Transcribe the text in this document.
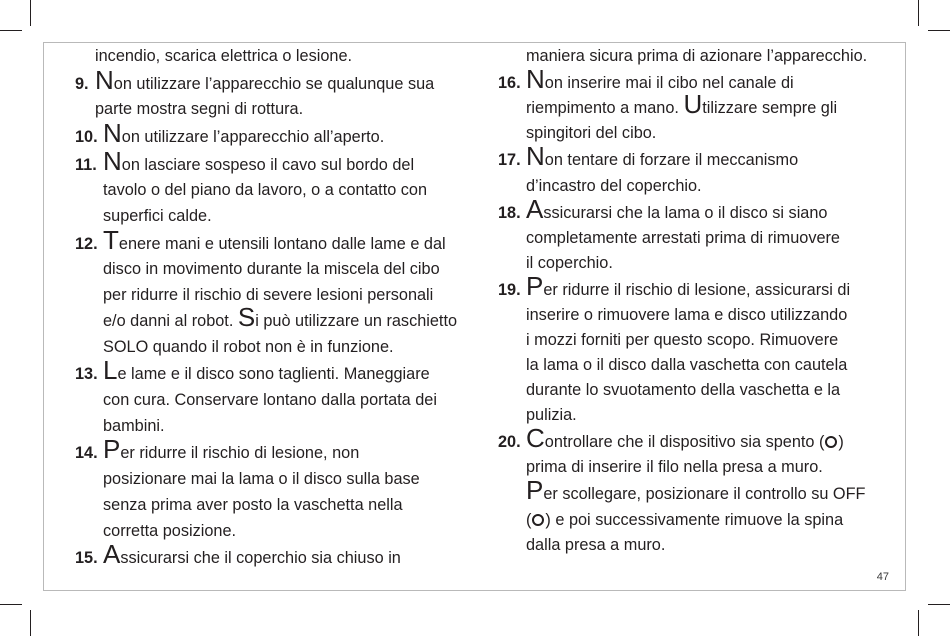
incendio, scarica elettrica o lesione.
9. Non utilizzare l’apparecchio se qualunque sua
parte mostra segni di rottura.
10. Non utilizzare l’apparecchio all’aperto.
11. Non lasciare sospeso il cavo sul bordo del
tavolo o del piano da lavoro, o a contatto con
superfici calde.
12. Tenere mani e utensili lontano dalle lame e dal
disco in movimento durante la miscela del cibo
per ridurre il rischio di severe lesioni personali
e/o danni al robot. Si può utilizzare un raschietto
SOLO quando il robot non è in funzione.
13. Le lame e il disco sono taglienti. Maneggiare
con cura. Conservare lontano dalla portata dei
bambini.
14. Per ridurre il rischio di lesione, non
posizionare mai la lama o il disco sulla base
senza prima aver posto la vaschetta nella
corretta posizione.
15. Assicurarsi che il coperchio sia chiuso in
maniera sicura prima di azionare l’apparecchio.
16. Non inserire mai il cibo nel canale di
riempimento a mano. Utilizzare sempre gli
spingitori del cibo.
17. Non tentare di forzare il meccanismo
d’incastro del coperchio.
18. Assicurarsi che la lama o il disco si siano
completamente arrestati prima di rimuovere
il coperchio.
19. Per ridurre il rischio di lesione, assicurarsi di
inserire o rimuovere lama e disco utilizzando
i mozzi forniti per questo scopo. Rimuovere
la lama o il disco dalla vaschetta con cautela
durante lo svuotamento della vaschetta e la
pulizia.
20. Controllare che il dispositivo sia spento ( )
prima di inserire il filo nella presa a muro.
Per scollegare, posizionare il controllo su OFF
( ) e poi successivamente rimuove la spina
dalla presa a muro.
47
